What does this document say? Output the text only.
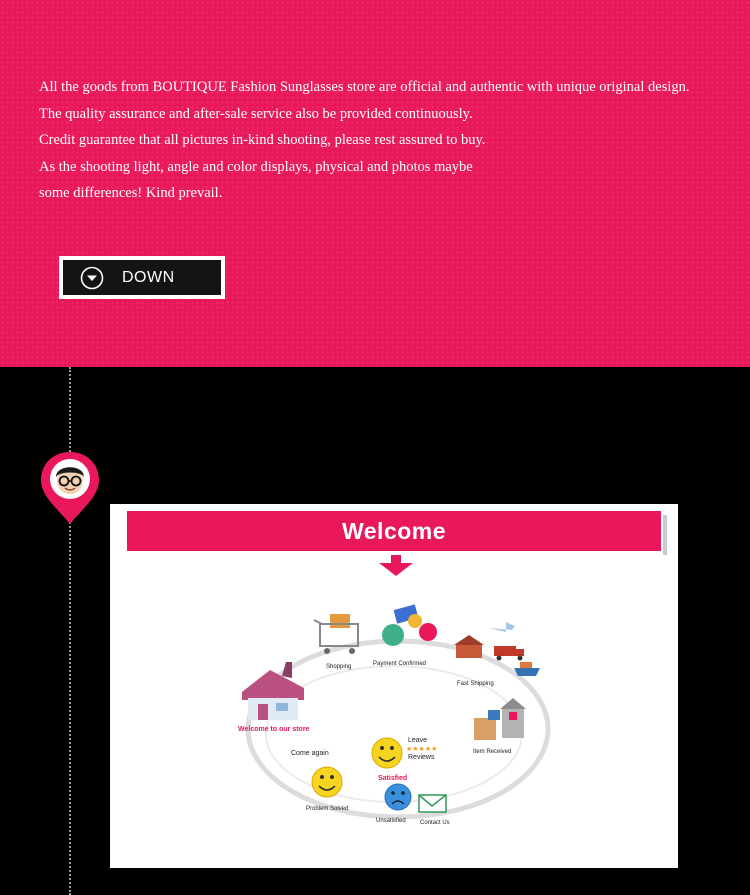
All the goods from BOUTIQUE Fashion Sunglasses store are official and authentic with unique original design.
The quality assurance and after-sale service also be provided continuously.
Credit guarantee that all pictures in-kind shooting, please rest assured to buy.
As the shooting light, angle and color displays, physical and photos maybe
some differences! Kind prevail.
DOWN
Welcome
Shopping	Payment Confirmed
Fast Shipping
Item Received
Welcome to our store
Come again
Leave
★★★★★
Reviews
Satisfied
Problem Solved
Unsatisfied Contact Us
